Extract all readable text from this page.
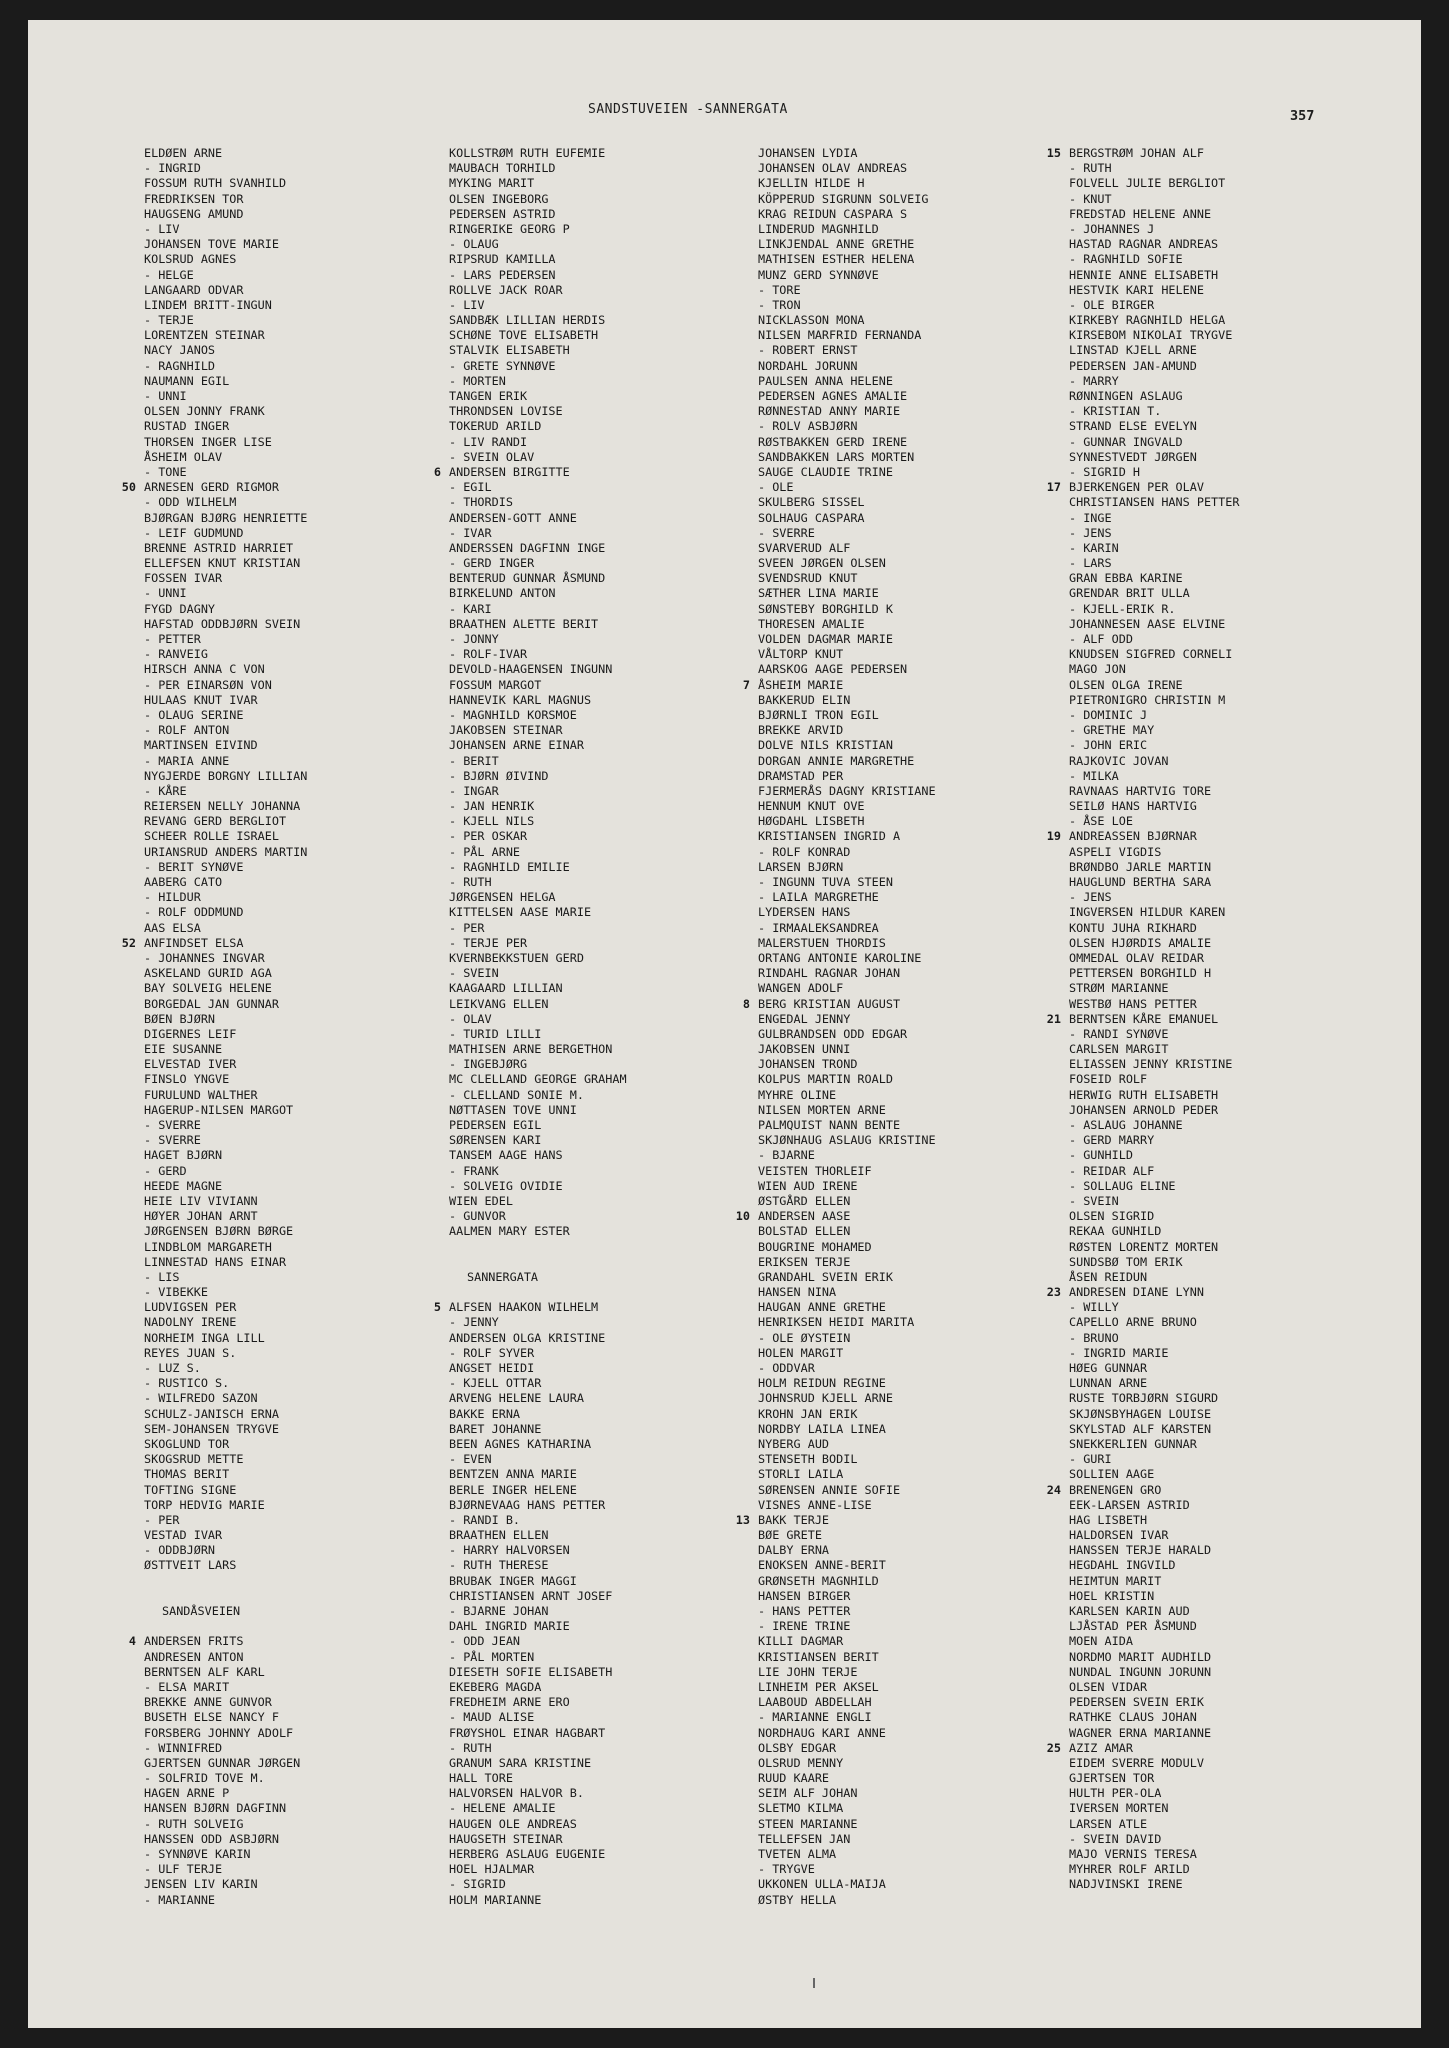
SANDSTUVEIEN -SANNERGATA	357
ELDØEN ARNE
- INGRID
FOSSUM RUTH SVANHILD
FREDRIKSEN TOR
HAUGSENG AMUND
- LIV
JOHANSEN TOVE MARIE
KOLSRUD AGNES
- HELGE
LANGAARD ODVAR
LINDEM BRITT-INGUN
- TERJE
LORENTZEN STEINAR
NACY JANOS
- RAGNHILD
NAUMANN EGIL
- UNNI
OLSEN JONNY FRANK
RUSTAD INGER
THORSEN INGER LISE
ÅSHEIM OLAV
- TONE
50 ARNESEN GERD RIGMOR
- ODD WILHELM
BJØRGAN BJØRG HENRIETTE
- LEIF GUDMUND
BRENNE ASTRID HARRIET
ELLEFSEN KNUT KRISTIAN
FOSSEN IVAR
- UNNI
FYGD DAGNY
HAFSTAD ODDBJØRN SVEIN
- PETTER
- RANVEIG
HIRSCH ANNA C VON
- PER EINARSØN VON
HULAAS KNUT IVAR
- OLAUG SERINE
- ROLF ANTON
MARTINSEN EIVIND
- MARIA ANNE
NYGJERDE BORGNY LILLIAN
- KÅRE
REIERSEN NELLY JOHANNA
REVANG GERD BERGLIOT
SCHEER ROLLE ISRAEL
URIANSRUD ANDERS MARTIN
- BERIT SYNØVE
AABERG CATO
- HILDUR
- ROLF ODDMUND
AAS ELSA
52 ANFINDSET ELSA
- JOHANNES INGVAR
ASKELAND GURID AGA
BAY SOLVEIG HELENE
BORGEDAL JAN GUNNAR
BØEN BJØRN
DIGERNES LEIF
EIE SUSANNE
ELVESTAD IVER
FINSLO YNGVE
FURULUND WALTHER
HAGERUP-NILSEN MARGOT
- SVERRE
- SVERRE
HAGET BJØRN
- GERD
HEEDE MAGNE
HEIE LIV VIVIANN
HØYER JOHAN ARNT
JØRGENSEN BJØRN BØRGE
LINDBLOM MARGARETH
LINNESTAD HANS EINAR
- LIS
- VIBEKKE
LUDVIGSEN PER
NADOLNY IRENE
NORHEIM INGA LILL
REYES JUAN S.
- LUZ S.
- RUSTICO S.
- WILFREDO SAZON
SCHULZ-JANISCH ERNA
SEM-JOHANSEN TRYGVE
SKOGLUND TOR
SKOGSRUD METTE
THOMAS BERIT
TOFTING SIGNE
TORP HEDVIG MARIE
- PER
VESTAD IVAR
- ODDBJØRN
ØSTTVEIT LARS
SANDÅSVEIEN
4 ANDERSEN FRITS
ANDRESEN ANTON
BERNTSEN ALF KARL
- ELSA MARIT
BREKKE ANNE GUNVOR
BUSETH ELSE NANCY F
FORSBERG JOHNNY ADOLF
- WINNIFRED
GJERTSEN GUNNAR JØRGEN
- SOLFRID TOVE M.
HAGEN ARNE P
HANSEN BJØRN DAGFINN
- RUTH SOLVEIG
HANSSEN ODD ASBJØRN
- SYNNØVE KARIN
- ULF TERJE
JENSEN LIV KARIN
- MARIANNE
KOLLSTRØM RUTH EUFEMIE
MAUBACH TORHILD
MYKING MARIT
OLSEN INGEBORG
PEDERSEN ASTRID
RINGERIKE GEORG P
- OLAUG
RIPSRUD KAMILLA
- LARS PEDERSEN
ROLLVE JACK ROAR
- LIV
SANDBÆK LILLIAN HERDIS
SCHØNE TOVE ELISABETH
STALVIK ELISABETH
- GRETE SYNNØVE
- MORTEN
TANGEN ERIK
THRONDSEN LOVISE
TOKERUD ARILD
- LIV RANDI
- SVEIN OLAV
6 ANDERSEN BIRGITTE
- EGIL
- THORDIS
ANDERSEN-GOTT ANNE
- IVAR
ANDERSSEN DAGFINN INGE
- GERD INGER
BENTERUD GUNNAR ÅSMUND
BIRKELUND ANTON
- KARI
BRAATHEN ALETTE BERIT
- JONNY
- ROLF-IVAR
DEVOLD-HAAGENSEN INGUNN
FOSSUM MARGOT
HANNEVIK KARL MAGNUS
- MAGNHILD KORSMOE
JAKOBSEN STEINAR
JOHANSEN ARNE EINAR
- BERIT
- BJØRN ØIVIND
- INGAR
- JAN HENRIK
- KJELL NILS
- PER OSKAR
- PÅL ARNE
- RAGNHILD EMILIE
- RUTH
JØRGENSEN HELGA
KITTELSEN AASE MARIE
- PER
- TERJE PER
KVERNBEKKSTUEN GERD
- SVEIN
KAAGAARD LILLIAN
LEIKVANG ELLEN
- OLAV
- TURID LILLI
MATHISEN ARNE BERGETHON
- INGEBJØRG
MC CLELLAND GEORGE GRAHAM
- CLELLAND SONIE M.
NØTTASEN TOVE UNNI
PEDERSEN EGIL
SØRENSEN KARI
TANSEM AAGE HANS
- FRANK
- SOLVEIG OVIDIE
WIEN EDEL
- GUNVOR
AALMEN MARY ESTER
SANNERGATA
5 ALFSEN HAAKON WILHELM
- JENNY
ANDERSEN OLGA KRISTINE
- ROLF SYVER
ANGSET HEIDI
- KJELL OTTAR
ARVENG HELENE LAURA
BAKKE ERNA
BARET JOHANNE
BEEN AGNES KATHARINA
- EVEN
BENTZEN ANNA MARIE
BERLE INGER HELENE
BJØRNEVAAG HANS PETTER
- RANDI B.
BRAATHEN ELLEN
- HARRY HALVORSEN
- RUTH THERESE
BRUBAK INGER MAGGI
CHRISTIANSEN ARNT JOSEF
- BJARNE JOHAN
DAHL INGRID MARIE
- ODD JEAN
- PÅL MORTEN
DIESETH SOFIE ELISABETH
EKEBERG MAGDA
FREDHEIM ARNE ERO
- MAUD ALISE
FRØYSHOL EINAR HAGBART
- RUTH
GRANUM SARA KRISTINE
HALL TORE
HALVORSEN HALVOR B.
- HELENE AMALIE
HAUGEN OLE ANDREAS
HAUGSETH STEINAR
HERBERG ASLAUG EUGENIE
HOEL HJALMAR
- SIGRID
HOLM MARIANNE
JOHANSEN LYDIA
JOHANSEN OLAV ANDREAS
KJELLIN HILDE H
KÖPPERUD SIGRUNN SOLVEIG
KRAG REIDUN CASPARA S
LINDERUD MAGNHILD
LINKJENDAL ANNE GRETHE
MATHISEN ESTHER HELENA
MUNZ GERD SYNNØVE
- TORE
- TRON
NICKLASSON MONA
NILSEN MARFRID FERNANDA
- ROBERT ERNST
NORDAHL JORUNN
PAULSEN ANNA HELENE
PEDERSEN AGNES AMALIE
RØNNESTAD ANNY MARIE
- ROLV ASBJØRN
RØSTBAKKEN GERD IRENE
SANDBAKKEN LARS MORTEN
SAUGE CLAUDIE TRINE
- OLE
SKULBERG SISSEL
SOLHAUG CASPARA
- SVERRE
SVARVERUD ALF
SVEEN JØRGEN OLSEN
SVENDSRUD KNUT
SÆTHER LINA MARIE
SØNSTEBY BORGHILD K
THORESEN AMALIE
VOLDEN DAGMAR MARIE
VÅLTORP KNUT
AARSKOG AAGE PEDERSEN
7 ÅSHEIM MARIE
BAKKERUD ELIN
BJØRNLI TRON EGIL
BREKKE ARVID
DOLVE NILS KRISTIAN
DORGAN ANNIE MARGRETHE
DRAMSTAD PER
FJERMERÅS DAGNY KRISTIANE
HENNUM KNUT OVE
HØGDAHL LISBETH
KRISTIANSEN INGRID A
- ROLF KONRAD
LARSEN BJØRN
- INGUNN TUVA STEEN
- LAILA MARGRETHE
LYDERSEN HANS
- IRMAALEKSANDREA
MALERSTUEN THORDIS
ORTANG ANTONIE KAROLINE
RINDAHL RAGNAR JOHAN
WANGEN ADOLF
8 BERG KRISTIAN AUGUST
ENGEDAL JENNY
GULBRANDSEN ODD EDGAR
JAKOBSEN UNNI
JOHANSEN TROND
KOLPUS MARTIN ROALD
MYHRE OLINE
NILSEN MORTEN ARNE
PALMQUIST NANN BENTE
SKJØNHAUG ASLAUG KRISTINE
- BJARNE
VEISTEN THORLEIF
WIEN AUD IRENE
ØSTGÅRD ELLEN
10 ANDERSEN AASE
BOLSTAD ELLEN
BOUGRINE MOHAMED
ERIKSEN TERJE
GRANDAHL SVEIN ERIK
HANSEN NINA
HAUGAN ANNE GRETHE
HENRIKSEN HEIDI MARITA
- OLE ØYSTEIN
HOLEN MARGIT
- ODDVAR
HOLM REIDUN REGINE
JOHNSRUD KJELL ARNE
KROHN JAN ERIK
NORDBY LAILA LINEA
NYBERG AUD
STENSETH BODIL
STORLI LAILA
SØRENSEN ANNIE SOFIE
VISNES ANNE-LISE
13 BAKK TERJE
BØE GRETE
DALBY ERNA
ENOKSEN ANNE-BERIT
GRØNSETH MAGNHILD
HANSEN BIRGER
- HANS PETTER
- IRENE TRINE
KILLI DAGMAR
KRISTIANSEN BERIT
LIE JOHN TERJE
LINHEIM PER AKSEL
LAABOUD ABDELLAH
- MARIANNE ENGLI
NORDHAUG KARI ANNE
OLSBY EDGAR
OLSRUD MENNY
RUUD KAARE
SEIM ALF JOHAN
SLETMO KILMA
STEEN MARIANNE
TELLEFSEN JAN
TVETEN ALMA
- TRYGVE
UKKONEN ULLA-MAIJA
ØSTBY HELLA
15 BERGSTRØM JOHAN ALF
- RUTH
FOLVELL JULIE BERGLIOT
- KNUT
FREDSTAD HELENE ANNE
- JOHANNES J
HASTAD RAGNAR ANDREAS
- RAGNHILD SOFIE
HENNIE ANNE ELISABETH
HESTVIK KARI HELENE
- OLE BIRGER
KIRKEBY RAGNHILD HELGA
KIRSEBOM NIKOLAI TRYGVE
LINSTAD KJELL ARNE
PEDERSEN JAN-AMUND
- MARRY
RØNNINGEN ASLAUG
- KRISTIAN T.
STRAND ELSE EVELYN
- GUNNAR INGVALD
SYNNESTVEDT JØRGEN
- SIGRID H
17 BJERKENGEN PER OLAV
CHRISTIANSEN HANS PETTER
- INGE
- JENS
- KARIN
- LARS
GRAN EBBA KARINE
GRENDAR BRIT ULLA
- KJELL-ERIK R.
JOHANNESEN AASE ELVINE
- ALF ODD
KNUDSEN SIGFRED CORNELI
MAGO JON
OLSEN OLGA IRENE
PIETRONIGRO CHRISTIN M
- DOMINIC J
- GRETHE MAY
- JOHN ERIC
RAJKOVIC JOVAN
- MILKA
RAVNAAS HARTVIG TORE
SEILØ HANS HARTVIG
- ÅSE LOE
19 ANDREASSEN BJØRNAR
ASPELI VIGDIS
BRØNDBO JARLE MARTIN
HAUGLUND BERTHA SARA
- JENS
INGVERSEN HILDUR KAREN
KONTU JUHA RIKHARD
OLSEN HJØRDIS AMALIE
OMMEDAL OLAV REIDAR
PETTERSEN BORGHILD H
STRØM MARIANNE
WESTBØ HANS PETTER
21 BERNTSEN KÅRE EMANUEL
- RANDI SYNØVE
CARLSEN MARGIT
ELIASSEN JENNY KRISTINE
FOSEID ROLF
HERWIG RUTH ELISABETH
JOHANSEN ARNOLD PEDER
- ASLAUG JOHANNE
- GERD MARRY
- GUNHILD
- REIDAR ALF
- SOLLAUG ELINE
- SVEIN
OLSEN SIGRID
REKAA GUNHILD
RØSTEN LORENTZ MORTEN
SUNDSBØ TOM ERIK
ÅSEN REIDUN
23 ANDRESEN DIANE LYNN
- WILLY
CAPELLO ARNE BRUNO
- BRUNO
- INGRID MARIE
HØEG GUNNAR
LUNNAN ARNE
RUSTE TORBJØRN SIGURD
SKJØNSBYHAGEN LOUISE
SKYLSTAD ALF KARSTEN
SNEKKERLIEN GUNNAR
- GURI
SOLLIEN AAGE
24 BRENENGEN GRO
EEK-LARSEN ASTRID
HAG LISBETH
HALDORSEN IVAR
HANSSEN TERJE HARALD
HEGDAHL INGVILD
HEIMTUN MARIT
HOEL KRISTIN
KARLSEN KARIN AUD
LJÅSTAD PER ÅSMUND
MOEN AIDA
NORDMO MARIT AUDHILD
NUNDAL INGUNN JORUNN
OLSEN VIDAR
PEDERSEN SVEIN ERIK
RATHKE CLAUS JOHAN
WAGNER ERNA MARIANNE
25 AZIZ AMAR
EIDEM SVERRE MODULV
GJERTSEN TOR
HULTH PER-OLA
IVERSEN MORTEN
LARSEN ATLE
- SVEIN DAVID
MAJO VERNIS TERESA
MYHRER ROLF ARILD
NADJVINSKI IRENE
